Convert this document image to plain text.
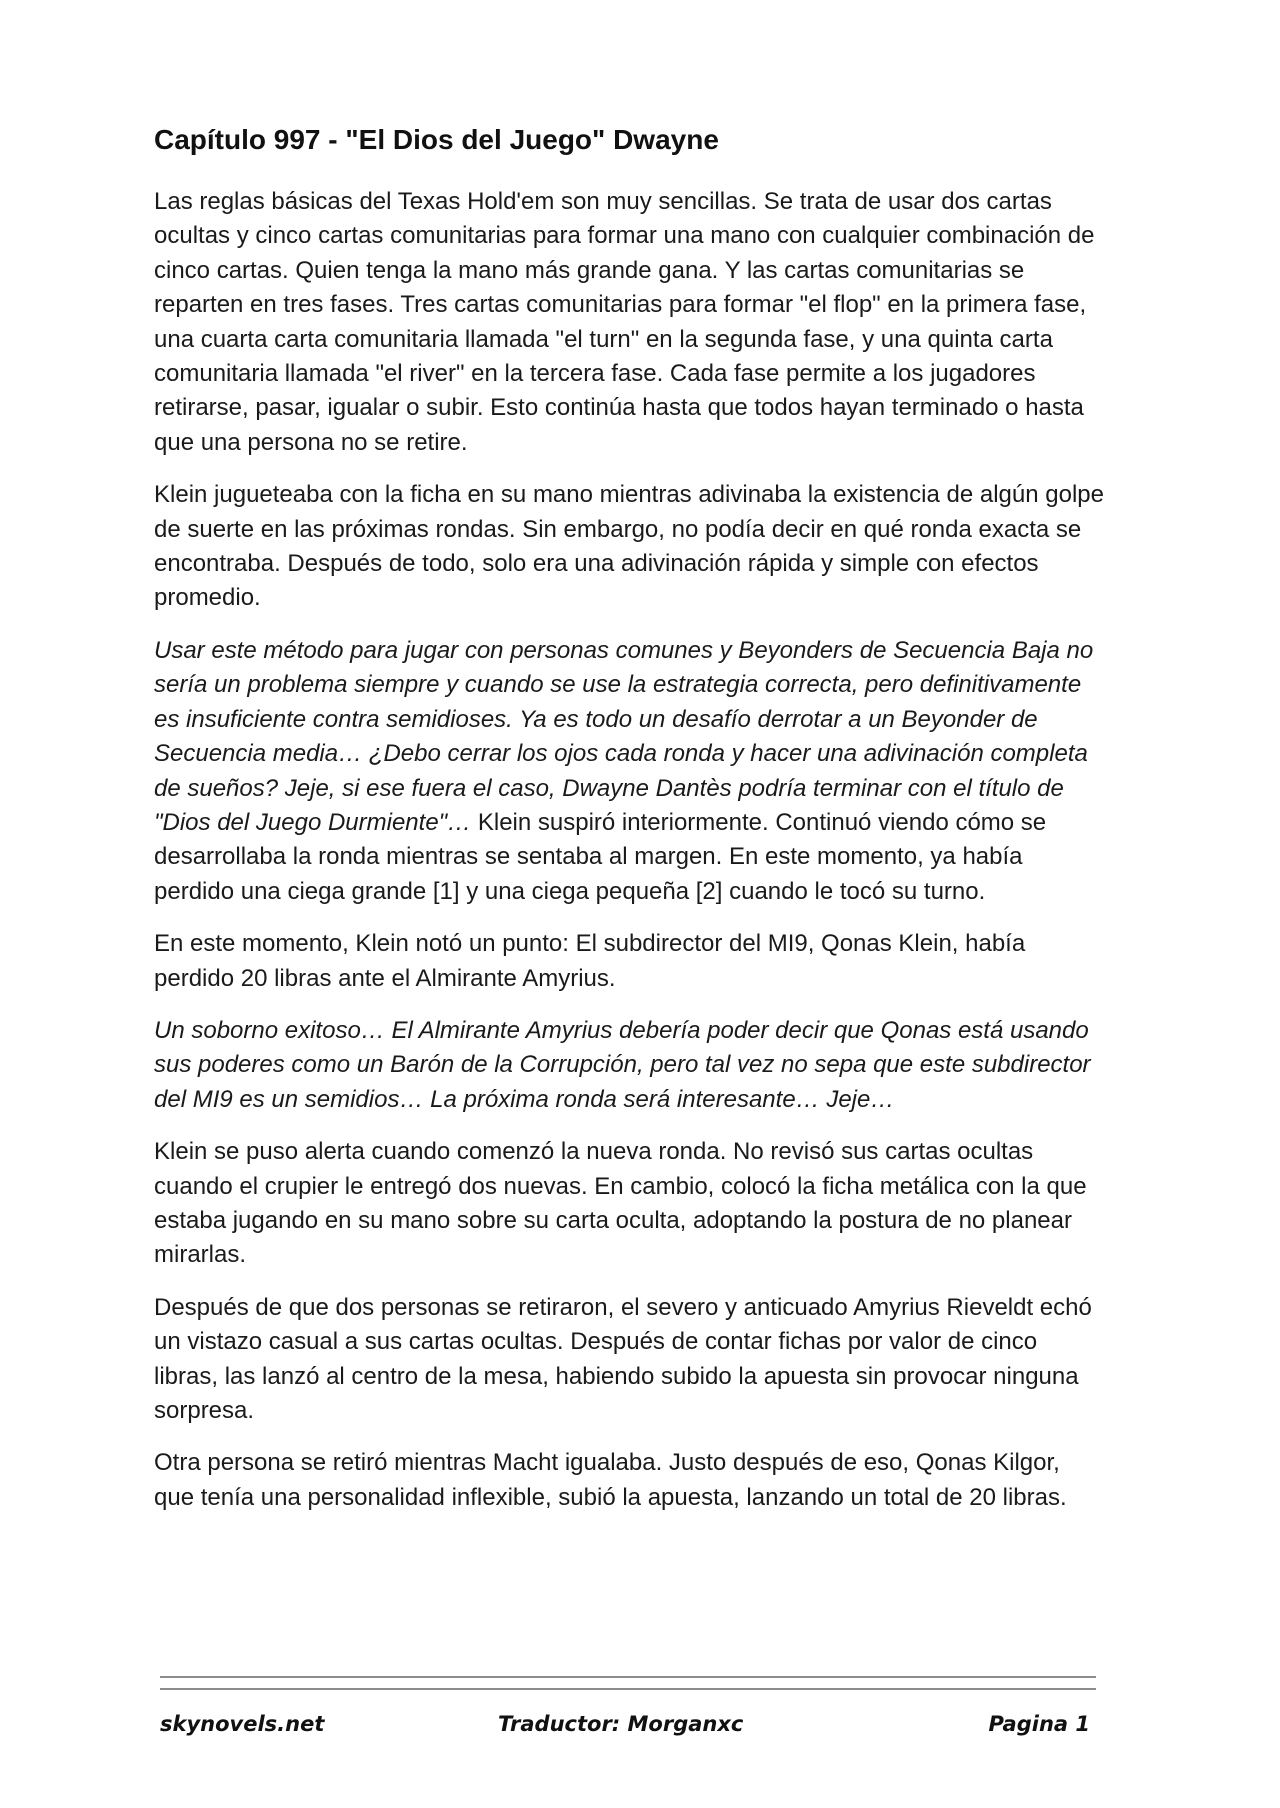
Capítulo 997 - "El Dios del Juego" Dwayne

Las reglas básicas del Texas Hold'em son muy sencillas. Se trata de usar dos cartas ocultas y cinco cartas comunitarias para formar una mano con cualquier combinación de cinco cartas. Quien tenga la mano más grande gana. Y las cartas comunitarias se reparten en tres fases. Tres cartas comunitarias para formar "el flop" en la primera fase, una cuarta carta comunitaria llamada "el turn" en la segunda fase, y una quinta carta comunitaria llamada "el river" en la tercera fase. Cada fase permite a los jugadores retirarse, pasar, igualar o subir. Esto continúa hasta que todos hayan terminado o hasta que una persona no se retire.

Klein jugueteaba con la ficha en su mano mientras adivinaba la existencia de algún golpe de suerte en las próximas rondas. Sin embargo, no podía decir en qué ronda exacta se encontraba. Después de todo, solo era una adivinación rápida y simple con efectos promedio.

Usar este método para jugar con personas comunes y Beyonders de Secuencia Baja no sería un problema siempre y cuando se use la estrategia correcta, pero definitivamente es insuficiente contra semidioses. Ya es todo un desafío derrotar a un Beyonder de Secuencia media… ¿Debo cerrar los ojos cada ronda y hacer una adivinación completa de sueños? Jeje, si ese fuera el caso, Dwayne Dantès podría terminar con el título de "Dios del Juego Durmiente"… Klein suspiró interiormente. Continuó viendo cómo se desarrollaba la ronda mientras se sentaba al margen. En este momento, ya había perdido una ciega grande [1] y una ciega pequeña [2] cuando le tocó su turno.

En este momento, Klein notó un punto: El subdirector del MI9, Qonas Klein, había perdido 20 libras ante el Almirante Amyrius.

Un soborno exitoso… El Almirante Amyrius debería poder decir que Qonas está usando sus poderes como un Barón de la Corrupción, pero tal vez no sepa que este subdirector del MI9 es un semidios… La próxima ronda será interesante… Jeje…

Klein se puso alerta cuando comenzó la nueva ronda. No revisó sus cartas ocultas cuando el crupier le entregó dos nuevas. En cambio, colocó la ficha metálica con la que estaba jugando en su mano sobre su carta oculta, adoptando la postura de no planear mirarlas.

Después de que dos personas se retiraron, el severo y anticuado Amyrius Rieveldt echó un vistazo casual a sus cartas ocultas. Después de contar fichas por valor de cinco libras, las lanzó al centro de la mesa, habiendo subido la apuesta sin provocar ninguna sorpresa.

Otra persona se retiró mientras Macht igualaba. Justo después de eso, Qonas Kilgor, que tenía una personalidad inflexible, subió la apuesta, lanzando un total de 20 libras.

skynovels.net	Traductor: Morganxc	Pagina 1
